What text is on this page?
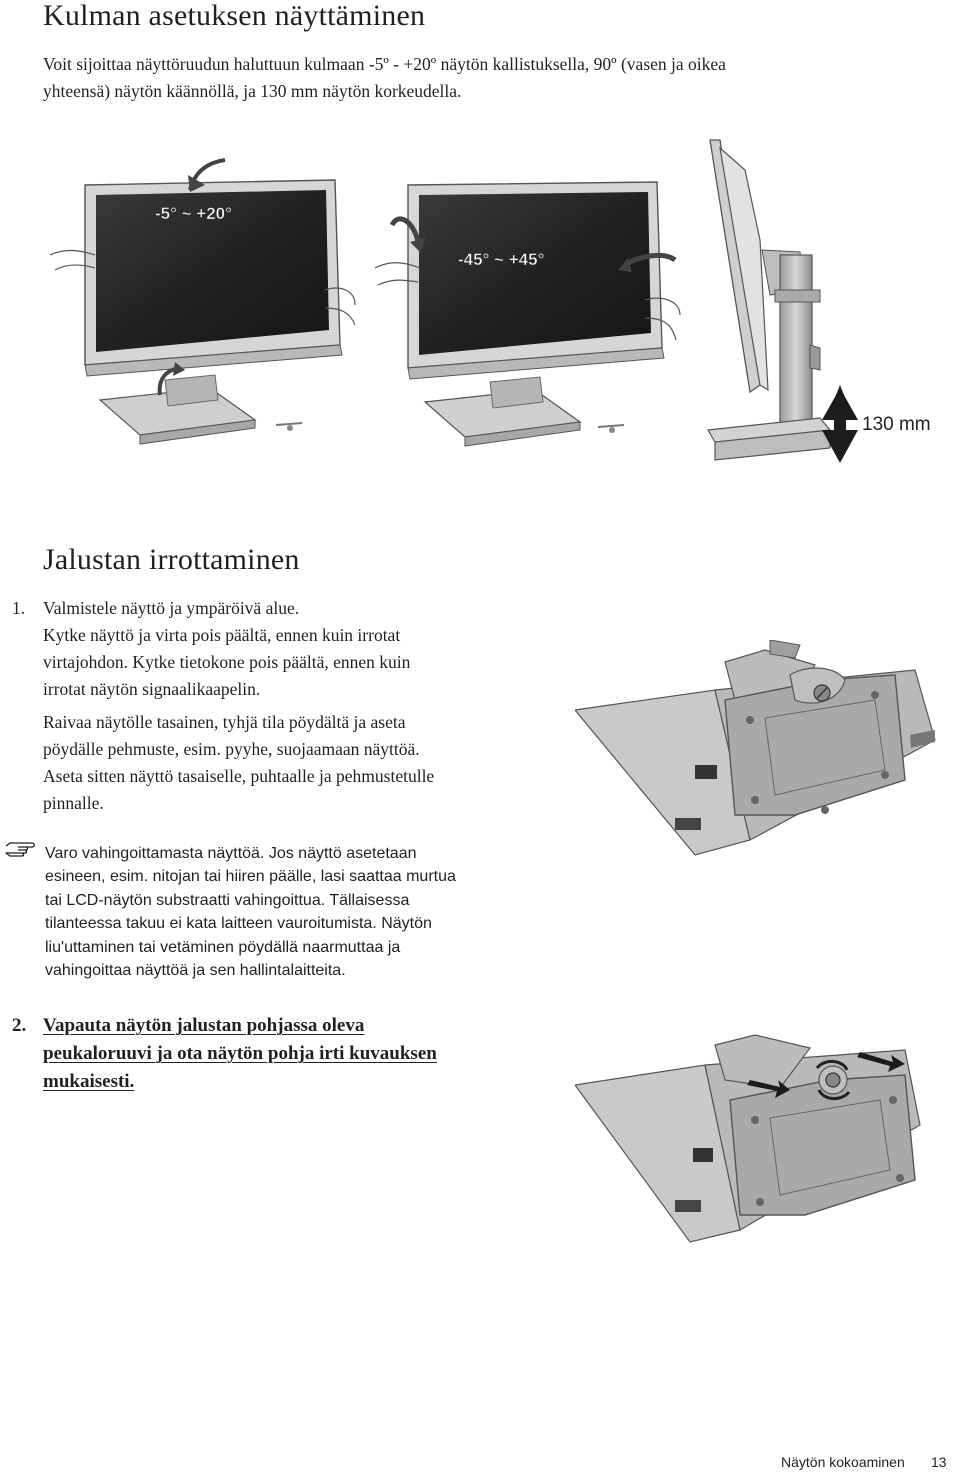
Kulman asetuksen näyttäminen
Voit sijoittaa näyttöruudun haluttuun kulmaan -5º - +20º näytön kallistuksella, 90º (vasen ja oikea
yhteensä) näytön käännöllä, ja 130 mm näytön korkeudella.
-5° ~ +20°
-45° ~ +45°
130 mm
Jalustan irrottaminen
1. Valmistele näyttö ja ympäröivä alue.
Kytke näyttö ja virta pois päältä, ennen kuin irrotat
virtajohdon. Kytke tietokone pois päältä, ennen kuin
irrotat näytön signaalikaapelin.
Raivaa näytölle tasainen, tyhjä tila pöydältä ja aseta
pöydälle pehmuste, esim. pyyhe, suojaamaan näyttöä.
Aseta sitten näyttö tasaiselle, puhtaalle ja pehmustetulle
pinnalle.
Varo vahingoittamasta näyttöä. Jos näyttö asetetaan
esineen, esim. nitojan tai hiiren päälle, lasi saattaa murtua
tai LCD-näytön substraatti vahingoittua. Tällaisessa
tilanteessa takuu ei kata laitteen vauroitumista. Näytön
liu'uttaminen tai vetäminen pöydällä naarmuttaa ja
vahingoittaa näyttöä ja sen hallintalaitteita.
2. Vapauta näytön jalustan pohjassa oleva
peukaloruuvi ja ota näytön pohja irti kuvauksen
mukaisesti.
Näytön kokoaminen 13
